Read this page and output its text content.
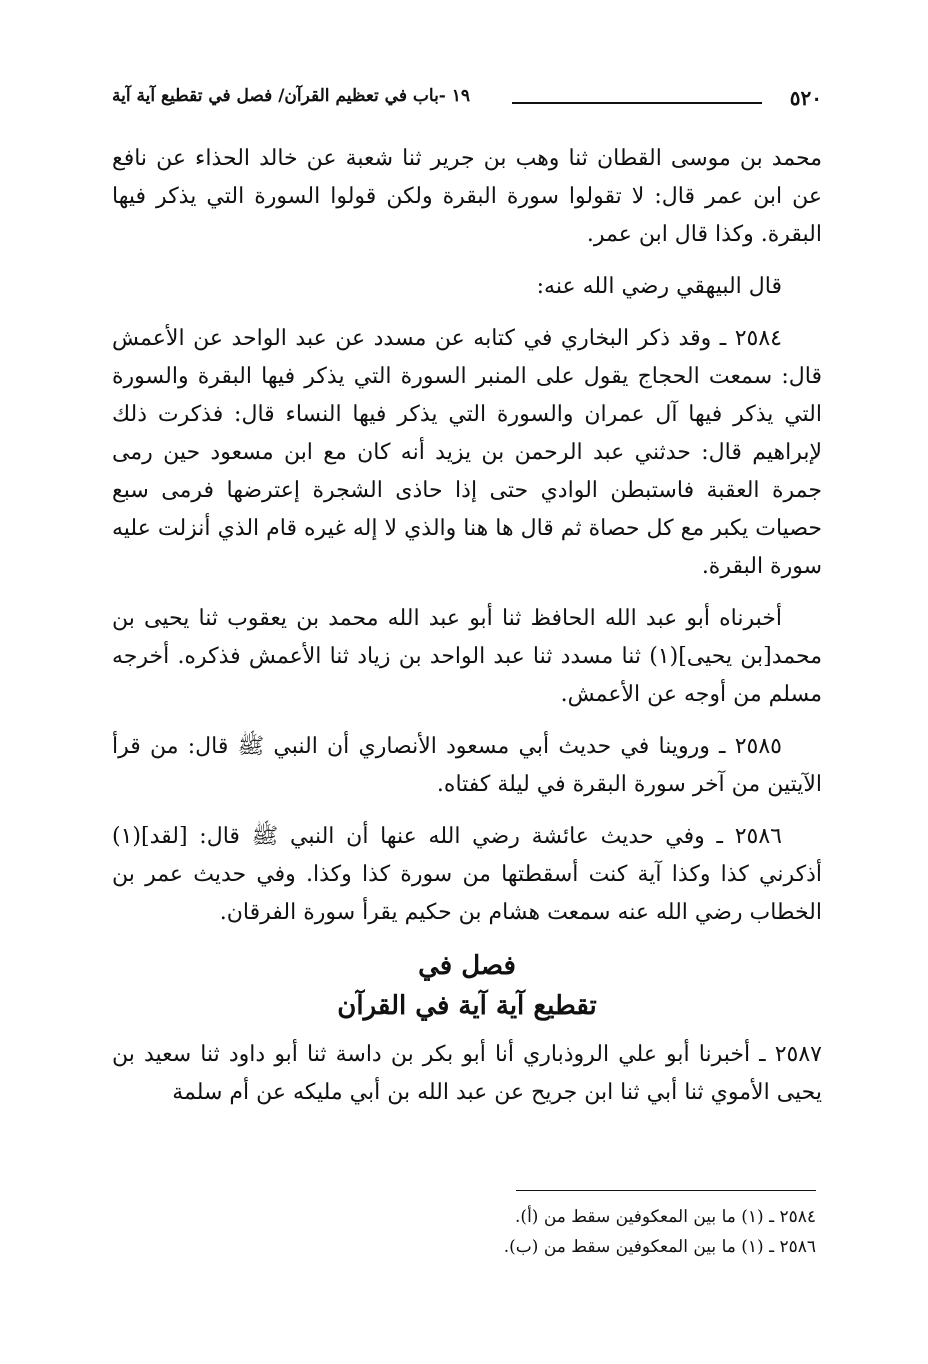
٥٢٠
١٩ -باب في تعظيم القرآن/ فصل في تقطيع آية آية

محمد بن موسى القطان ثنا وهب بن جرير ثنا شعبة عن خالد الحذاء عن نافع عن ابن عمر قال: لا تقولوا سورة البقرة ولكن قولوا السورة التي يذكر فيها البقرة. وكذا قال ابن عمر.

قال البيهقي رضي الله عنه:

٢٥٨٤ ـ وقد ذكر البخاري في كتابه عن مسدد عن عبد الواحد عن الأعمش قال: سمعت الحجاج يقول على المنبر السورة التي يذكر فيها البقرة والسورة التي يذكر فيها آل عمران والسورة التي يذكر فيها النساء قال: فذكرت ذلك لإبراهيم قال: حدثني عبد الرحمن بن يزيد أنه كان مع ابن مسعود حين رمى جمرة العقبة فاستبطن الوادي حتى إذا حاذى الشجرة إعترضها فرمى سبع حصيات يكبر مع كل حصاة ثم قال ها هنا والذي لا إله غيره قام الذي أنزلت عليه سورة البقرة.

أخبرناه أبو عبد الله الحافظ ثنا أبو عبد الله محمد بن يعقوب ثنا يحيى بن محمد[بن يحيى](١) ثنا مسدد ثنا عبد الواحد بن زياد ثنا الأعمش فذكره. أخرجه مسلم من أوجه عن الأعمش.

٢٥٨٥ ـ وروينا في حديث أبي مسعود الأنصاري أن النبي ﷺ قال: من قرأ الآيتين من آخر سورة البقرة في ليلة كفتاه.

٢٥٨٦ ـ وفي حديث عائشة رضي الله عنها أن النبي ﷺ قال: [لقد](١) أذكرني كذا وكذا آية كنت أسقطتها من سورة كذا وكذا. وفي حديث عمر بن الخطاب رضي الله عنه سمعت هشام بن حكيم يقرأ سورة الفرقان.

فصل في
تقطيع آية آية في القرآن

٢٥٨٧ ـ أخبرنا أبو علي الروذباري أنا أبو بكر بن داسة ثنا أبو داود ثنا سعيد بن يحيى الأموي ثنا أبي ثنا ابن جريح عن عبد الله بن أبي مليكه عن أم سلمة

٢٥٨٤ ـ (١) ما بين المعكوفين سقط من (أ).
٢٥٨٦ ـ (١) ما بين المعكوفين سقط من (ب).
